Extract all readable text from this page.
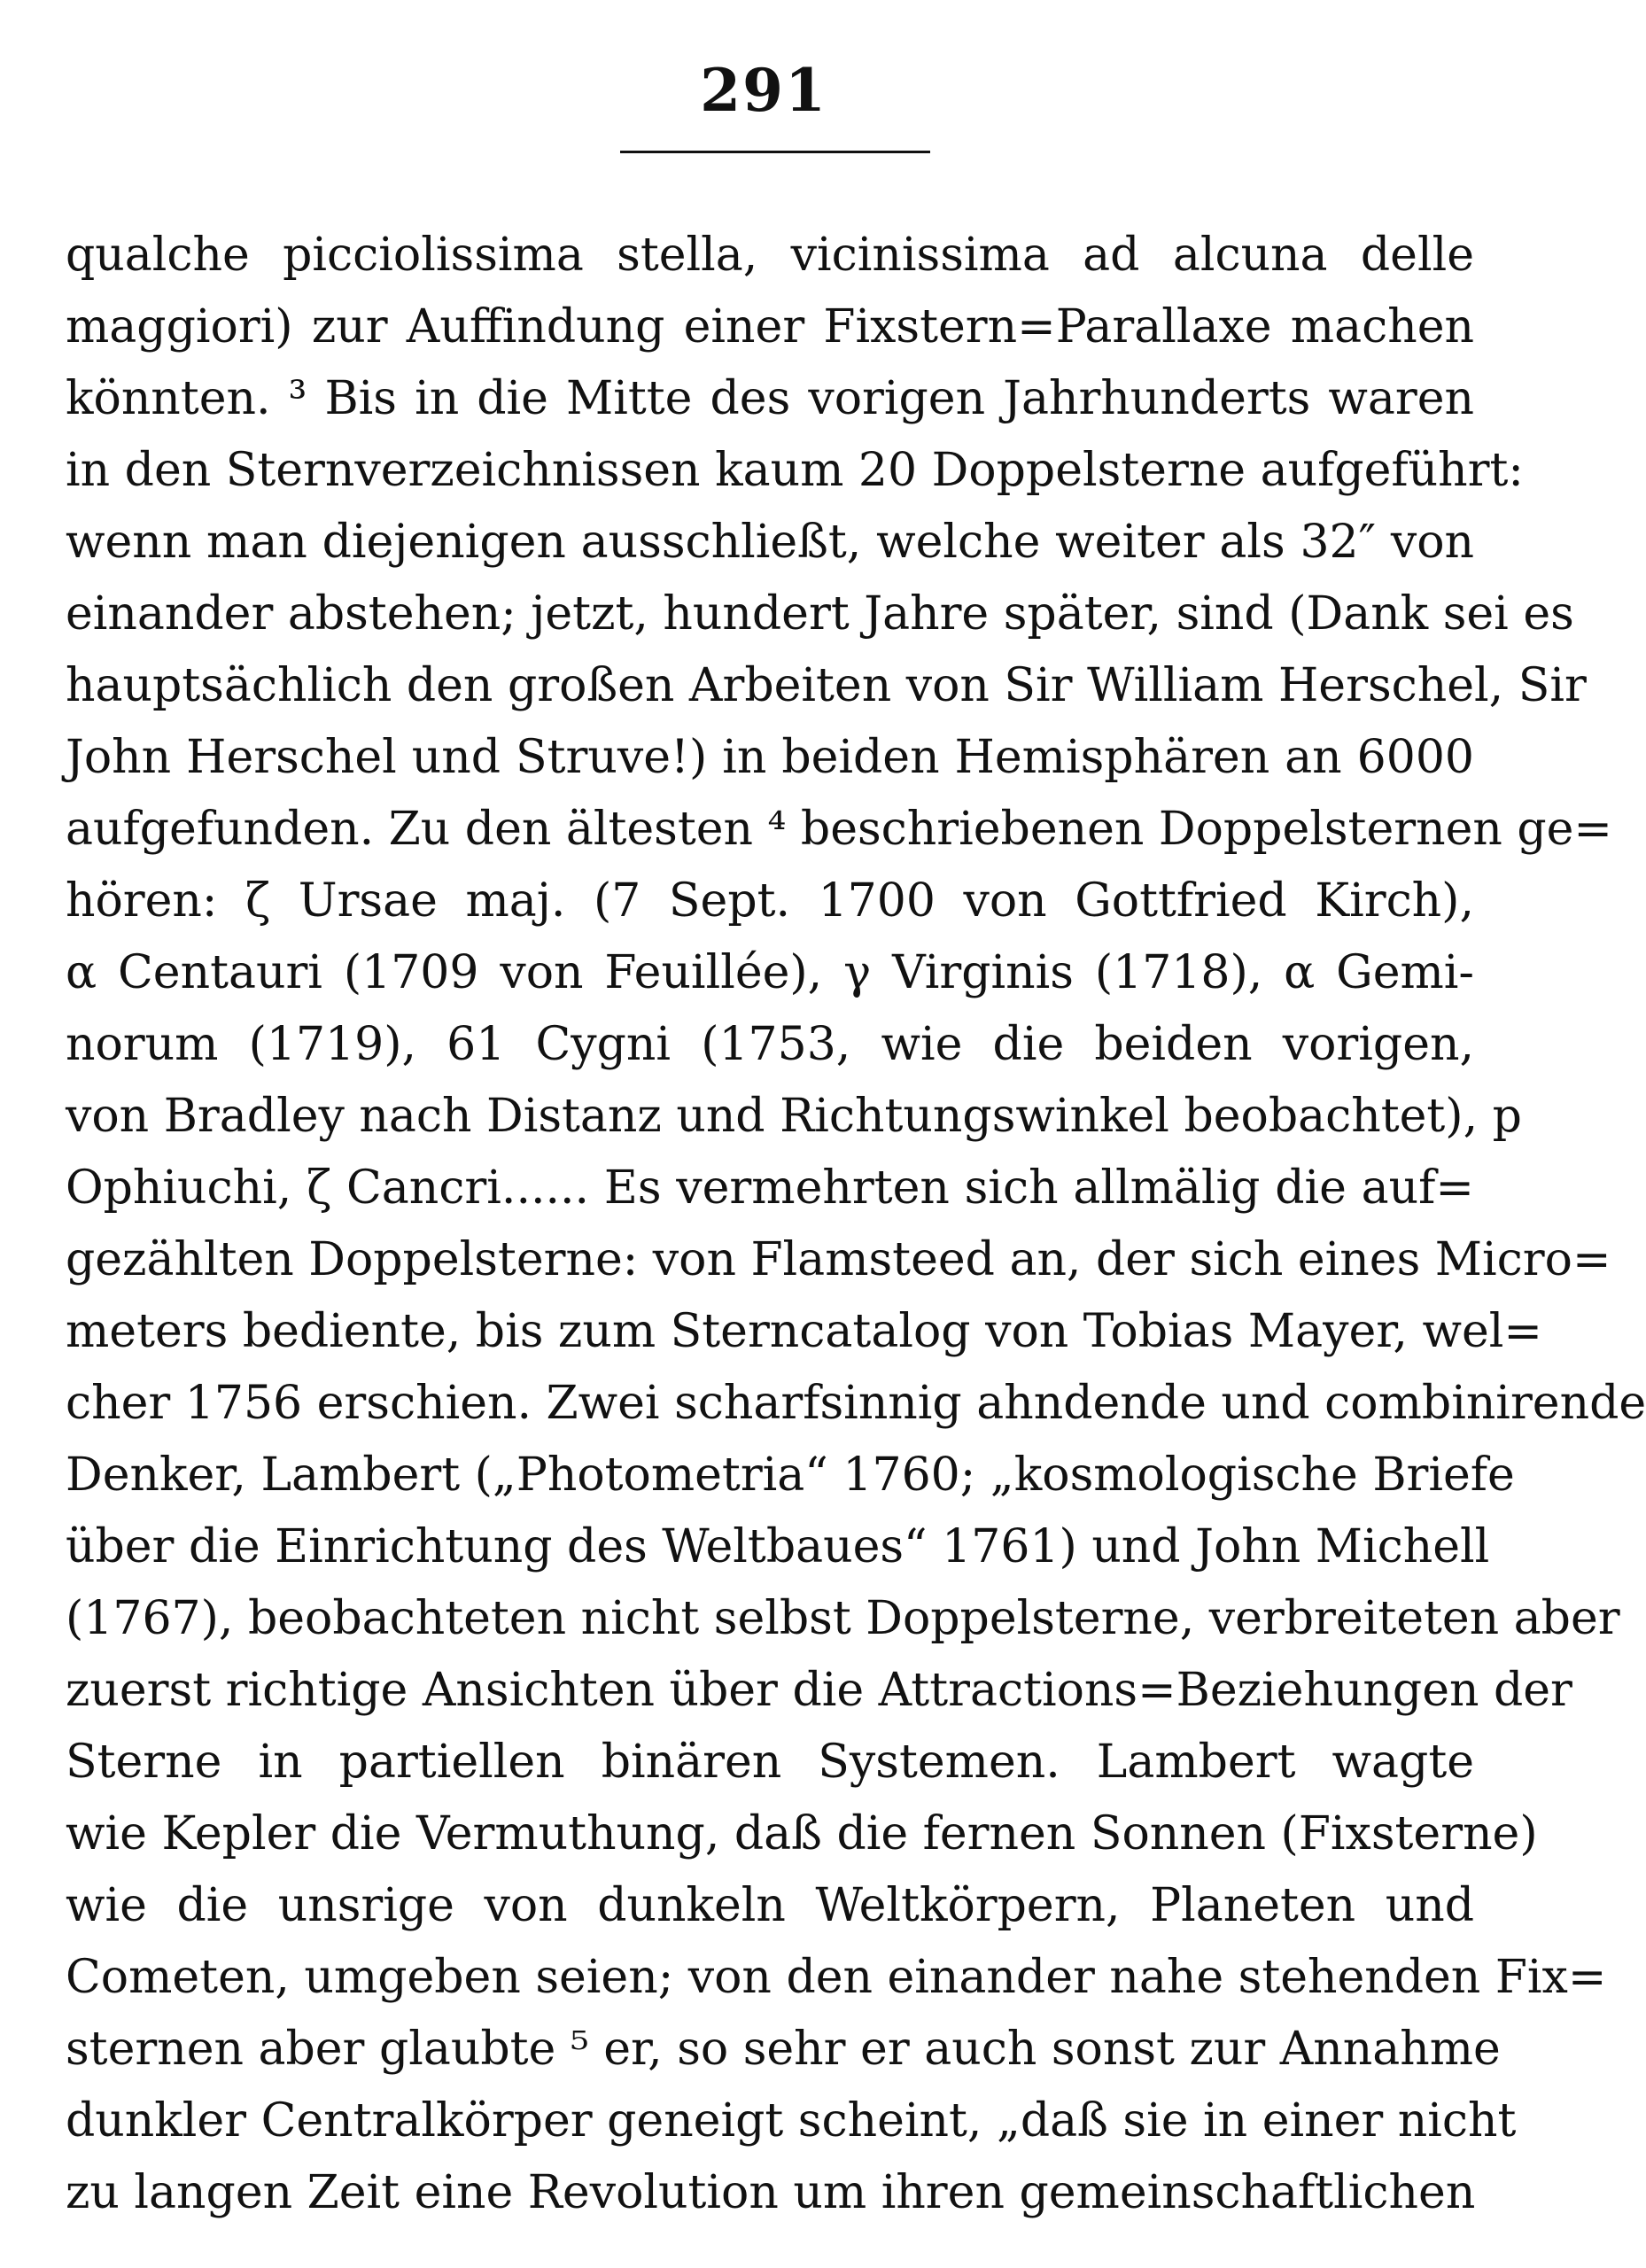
291
qualche picciolissima stella, vicinissima ad alcuna delle
maggiori) zur Auffindung einer Fixstern=Parallaxe machen
könnten. ³ Bis in die Mitte des vorigen Jahrhunderts waren
in den Sternverzeichnissen kaum 20 Doppelsterne aufgeführt:
wenn man diejenigen ausschließt, welche weiter als 32″ von
einander abstehen; jetzt, hundert Jahre später, sind (Dank sei es
hauptsächlich den großen Arbeiten von Sir William Herschel, Sir
John Herschel und Struve!) in beiden Hemisphären an 6000
aufgefunden. Zu den ältesten ⁴ beschriebenen Doppelsternen ge=
hören: ζ Ursae maj. (7 Sept. 1700 von Gottfried Kirch),
α Centauri (1709 von Feuillée), γ Virginis (1718), α Gemi-
norum (1719), 61 Cygni (1753, wie die beiden vorigen,
von Bradley nach Distanz und Richtungswinkel beobachtet), p
Ophiuchi, ζ Cancri...... Es vermehrten sich allmälig die auf=
gezählten Doppelsterne: von Flamsteed an, der sich eines Micro=
meters bediente, bis zum Sterncatalog von Tobias Mayer, wel=
cher 1756 erschien. Zwei scharfsinnig ahndende und combinirende
Denker, Lambert („Photometria“ 1760; „kosmologische Briefe
über die Einrichtung des Weltbaues“ 1761) und John Michell
(1767), beobachteten nicht selbst Doppelsterne, verbreiteten aber
zuerst richtige Ansichten über die Attractions=Beziehungen der
Sterne in partiellen binären Systemen. Lambert wagte
wie Kepler die Vermuthung, daß die fernen Sonnen (Fixsterne)
wie die unsrige von dunkeln Weltkörpern, Planeten und
Cometen, umgeben seien; von den einander nahe stehenden Fix=
sternen aber glaubte ⁵ er, so sehr er auch sonst zur Annahme
dunkler Centralkörper geneigt scheint, „daß sie in einer nicht
zu langen Zeit eine Revolution um ihren gemeinschaftlichen
